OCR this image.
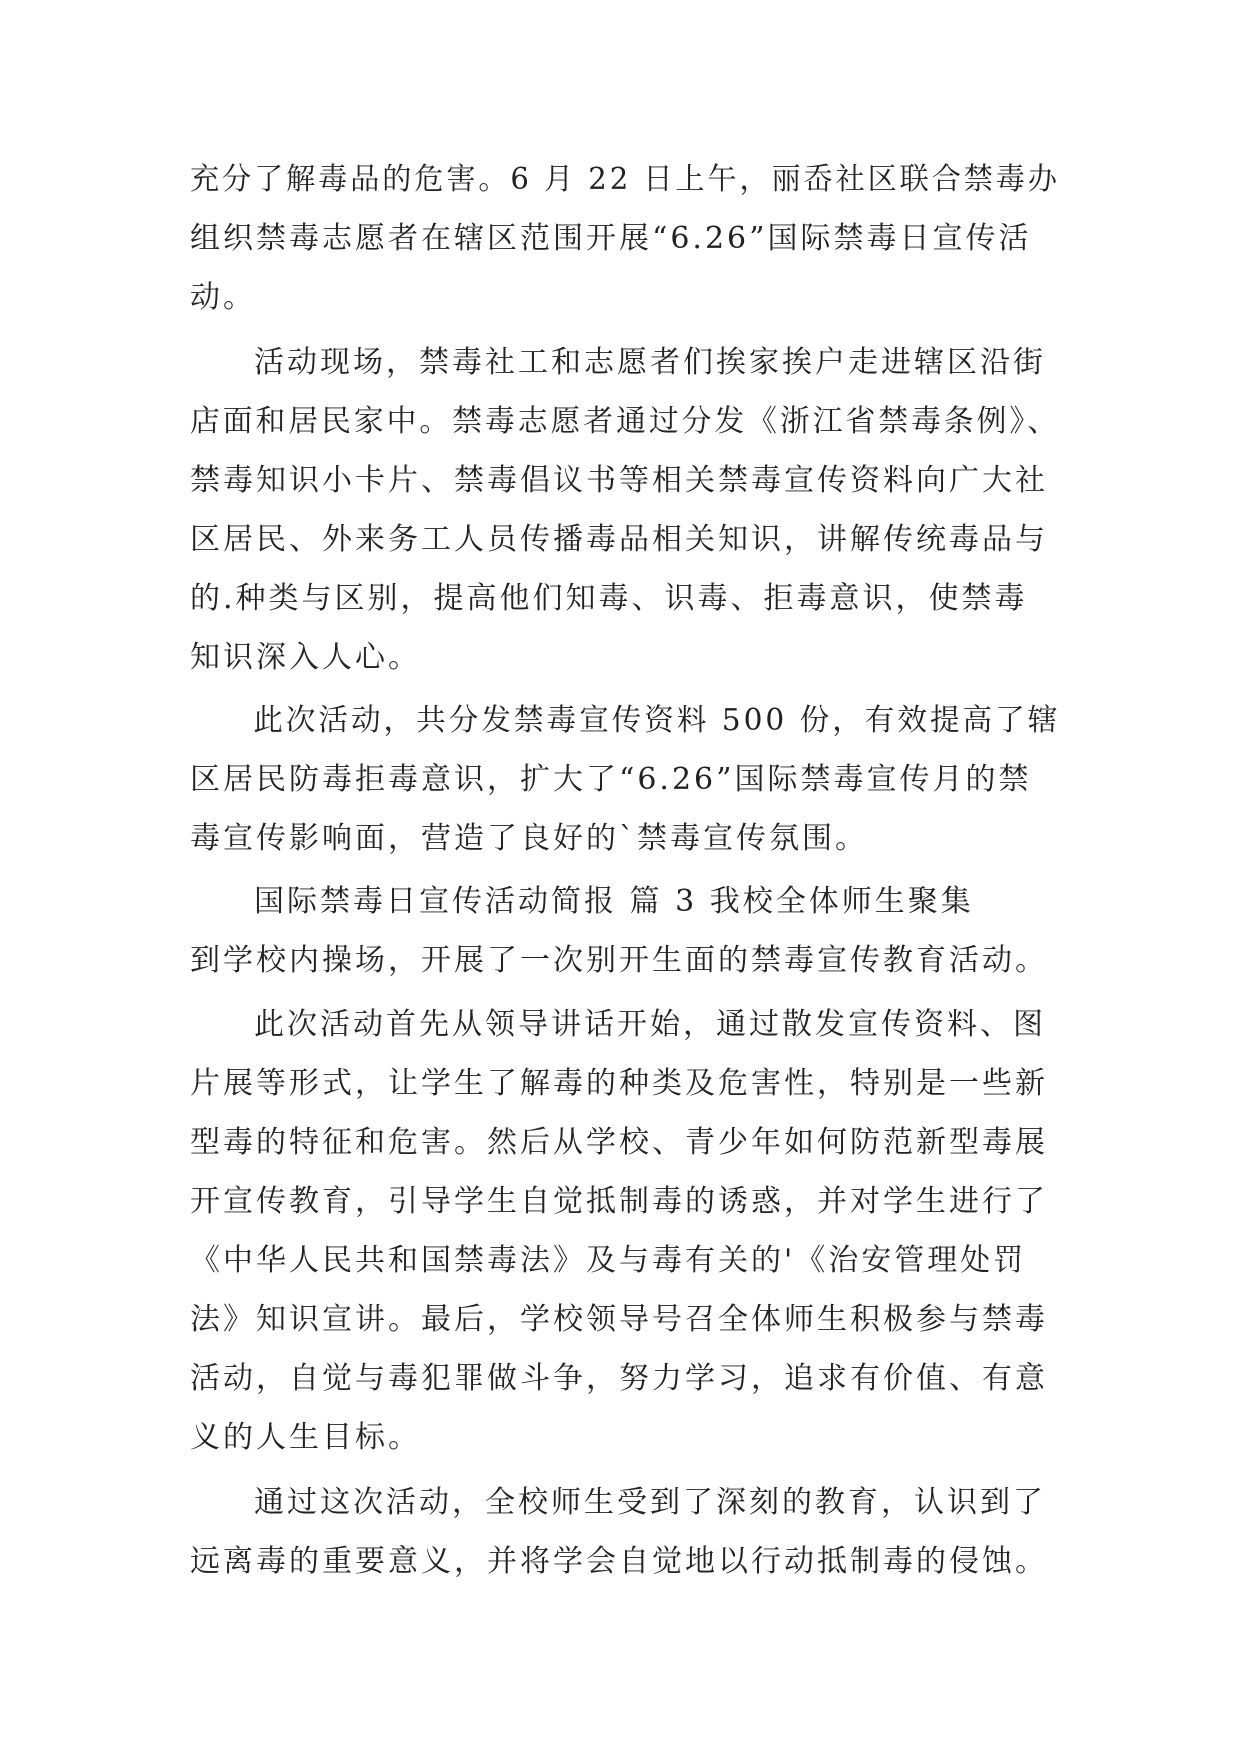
充分了解毒品的危害。6 月 22 日上午，丽岙社区联合禁毒办
组织禁毒志愿者在辖区范围开展“6.26”国际禁毒日宣传活
动。
活动现场，禁毒社工和志愿者们挨家挨户走进辖区沿街
店面和居民家中。禁毒志愿者通过分发《浙江省禁毒条例》、
禁毒知识小卡片、禁毒倡议书等相关禁毒宣传资料向广大社
区居民、外来务工人员传播毒品相关知识，讲解传统毒品与
的.种类与区别，提高他们知毒、识毒、拒毒意识，使禁毒
知识深入人心。
此次活动，共分发禁毒宣传资料 500 份，有效提高了辖
区居民防毒拒毒意识，扩大了“6.26”国际禁毒宣传月的禁
毒宣传影响面，营造了良好的`禁毒宣传氛围。
国际禁毒日宣传活动简报 篇 3 我校全体师生聚集
到学校内操场，开展了一次别开生面的禁毒宣传教育活动。
此次活动首先从领导讲话开始，通过散发宣传资料、图
片展等形式，让学生了解毒的种类及危害性，特别是一些新
型毒的特征和危害。然后从学校、青少年如何防范新型毒展
开宣传教育，引导学生自觉抵制毒的诱惑，并对学生进行了
《中华人民共和国禁毒法》及与毒有关的'《治安管理处罚
法》知识宣讲。最后，学校领导号召全体师生积极参与禁毒
活动，自觉与毒犯罪做斗争，努力学习，追求有价值、有意
义的人生目标。
通过这次活动，全校师生受到了深刻的教育，认识到了
远离毒的重要意义，并将学会自觉地以行动抵制毒的侵蚀。
